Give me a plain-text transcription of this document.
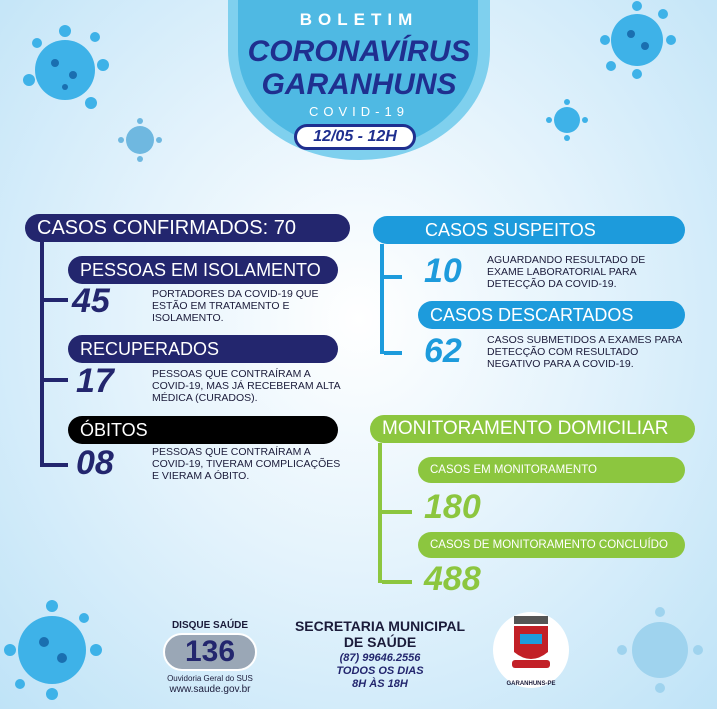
BOLETIM
CORONAVÍRUS
GARANHUNS
COVID-19
12/05 - 12H
CASOS CONFIRMADOS: 70
PESSOAS EM ISOLAMENTO
45	PORTADORES DA COVID-19 QUE ESTÃO EM TRATAMENTO E ISOLAMENTO.
RECUPERADOS
17	PESSOAS QUE CONTRAÍRAM A COVID-19, MAS JÁ RECEBERAM ALTA MÉDICA (CURADOS).
ÓBITOS
08	PESSOAS QUE CONTRAÍRAM A COVID-19, TIVERAM COMPLICAÇÕES E VIERAM A ÓBITO.
CASOS SUSPEITOS
10 AGUARDANDO RESULTADO DE EXAME LABORATORIAL PARA DETECÇÃO DA COVID-19.
CASOS DESCARTADOS
62 CASOS SUBMETIDOS A EXAMES PARA DETECÇÃO COM RESULTADO NEGATIVO PARA A COVID-19.
MONITORAMENTO DOMICILIAR
CASOS EM MONITORAMENTO
180
CASOS DE MONITORAMENTO CONCLUÍDO
488
DISQUE SAÚDE
136
Ouvidoria Geral do SUS
www.saude.gov.br
SECRETARIA MUNICIPAL
DE SAÚDE
(87) 99646.2556
TODOS OS DIAS
8H ÀS 18H	GARANHUNS-PE
